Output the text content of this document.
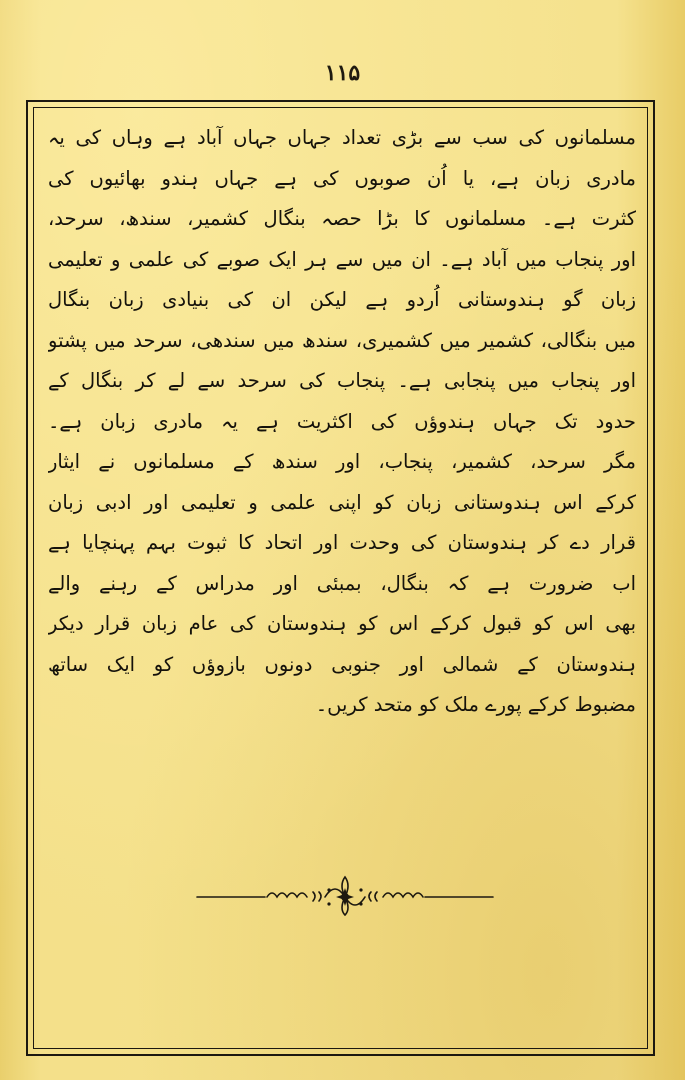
۱۱۵
مسلمانوں کی سب سے بڑی تعداد جہاں جہاں آباد ہے وہاں کی یہ
مادری زبان ہے، یا اُن صوبوں کی ہے جہاں ہندو بھائیوں کی
کثرت ہے۔ مسلمانوں کا بڑا حصہ بنگال کشمیر، سندھ، سرحد،
اور پنجاب میں آباد ہے۔ ان میں سے ہر ایک صوبے کی علمی و تعلیمی
زبان گو ہندوستانی اُردو ہے لیکن ان کی بنیادی زبان بنگال
میں بنگالی، کشمیر میں کشمیری، سندھ میں سندھی، سرحد میں پشتو
اور پنجاب میں پنجابی ہے۔ پنجاب کی سرحد سے لے کر بنگال کے
حدود تک جہاں ہندوؤں کی اکثریت ہے یہ مادری زبان ہے۔
مگر سرحد، کشمیر، پنجاب، اور سندھ کے مسلمانوں نے ایثار
کرکے اس ہندوستانی زبان کو اپنی علمی و تعلیمی اور ادبی زبان
قرار دے کر ہندوستان کی وحدت اور اتحاد کا ثبوت بہم پہنچایا ہے
اب ضرورت ہے کہ بنگال، بمبئی اور مدراس کے رہنے والے
بھی اس کو قبول کرکے اس کو ہندوستان کی عام زبان قرار دیکر
ہندوستان کے شمالی اور جنوبی دونوں بازوؤں کو ایک ساتھ
مضبوط کرکے پورے ملک کو متحد کریں۔
